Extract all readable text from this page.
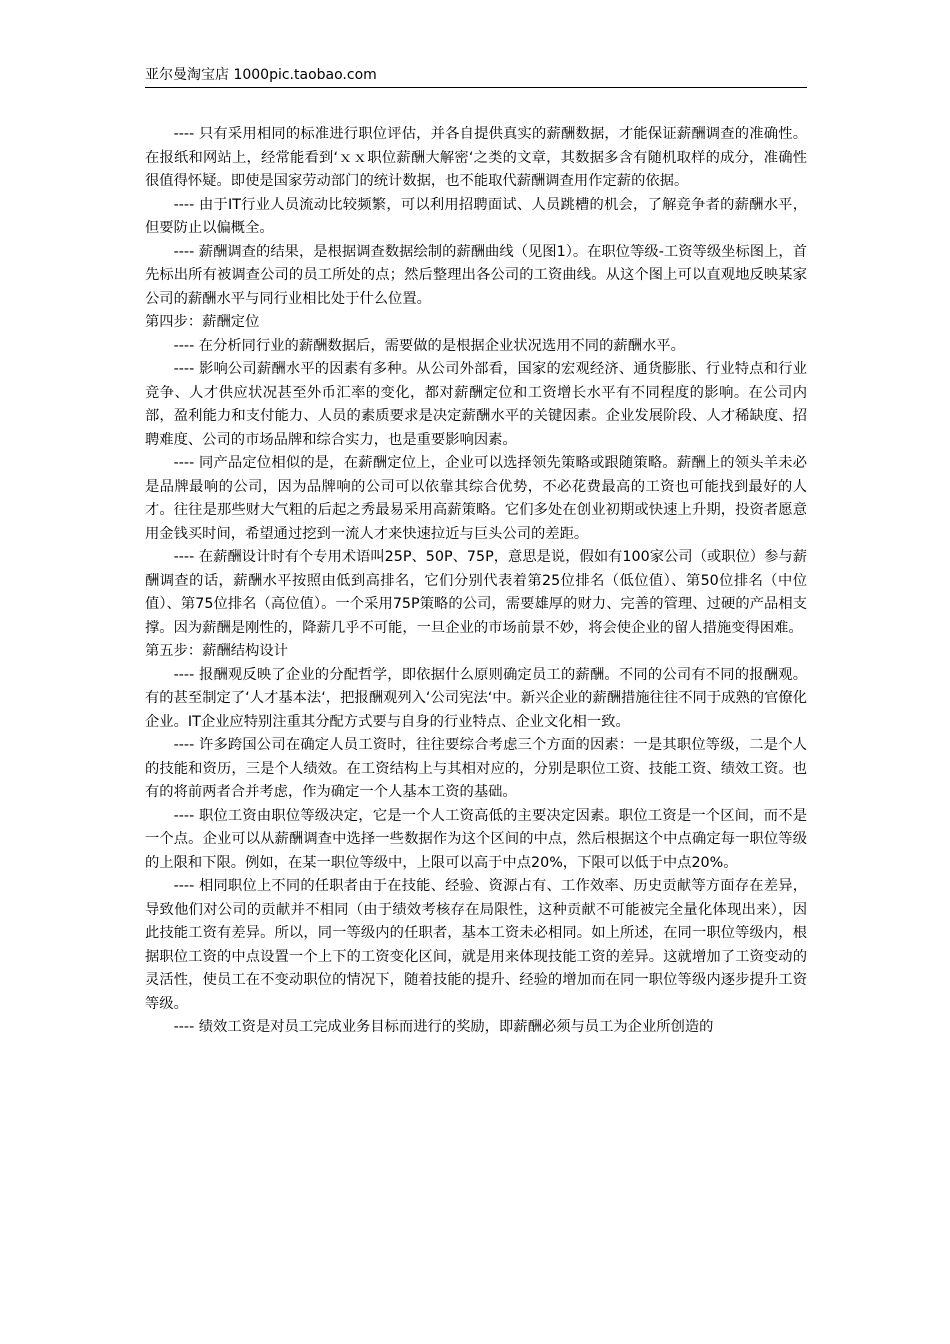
亚尔曼淘宝店 1000pic.taobao.com

---- 只有采用相同的标准进行职位评估，并各自提供真实的薪酬数据，才能保证薪酬调查的准确性。在报纸和网站上，经常能看到‘ｘｘ职位薪酬大解密‘之类的文章，其数据多含有随机取样的成分，准确性很值得怀疑。即使是国家劳动部门的统计数据，也不能取代薪酬调查用作定薪的依据。

---- 由于IT行业人员流动比较频繁，可以利用招聘面试、人员跳槽的机会，了解竞争者的薪酬水平，但要防止以偏概全。

---- 薪酬调查的结果，是根据调查数据绘制的薪酬曲线（见图1）。在职位等级-工资等级坐标图上，首先标出所有被调查公司的员工所处的点；然后整理出各公司的工资曲线。从这个图上可以直观地反映某家公司的薪酬水平与同行业相比处于什么位置。

第四步：薪酬定位

---- 在分析同行业的薪酬数据后，需要做的是根据企业状况选用不同的薪酬水平。

---- 影响公司薪酬水平的因素有多种。从公司外部看，国家的宏观经济、通货膨胀、行业特点和行业竞争、人才供应状况甚至外币汇率的变化，都对薪酬定位和工资增长水平有不同程度的影响。在公司内部，盈利能力和支付能力、人员的素质要求是决定薪酬水平的关键因素。企业发展阶段、人才稀缺度、招聘难度、公司的市场品牌和综合实力，也是重要影响因素。

---- 同产品定位相似的是，在薪酬定位上，企业可以选择领先策略或跟随策略。薪酬上的领头羊未必是品牌最响的公司，因为品牌响的公司可以依靠其综合优势，不必花费最高的工资也可能找到最好的人才。往往是那些财大气粗的后起之秀最易采用高薪策略。它们多处在创业初期或快速上升期，投资者愿意用金钱买时间，希望通过挖到一流人才来快速拉近与巨头公司的差距。

---- 在薪酬设计时有个专用术语叫25P、50P、75P，意思是说，假如有100家公司（或职位）参与薪酬调查的话，薪酬水平按照由低到高排名，它们分别代表着第25位排名（低位值）、第50位排名（中位值）、第75位排名（高位值）。一个采用75P策略的公司，需要雄厚的财力、完善的管理、过硬的产品相支撑。因为薪酬是刚性的，降薪几乎不可能，一旦企业的市场前景不妙，将会使企业的留人措施变得困难。

第五步：薪酬结构设计

---- 报酬观反映了企业的分配哲学，即依据什么原则确定员工的薪酬。不同的公司有不同的报酬观。有的甚至制定了‘人才基本法‘，把报酬观列入‘公司宪法‘中。新兴企业的薪酬措施往往不同于成熟的官僚化企业。IT企业应特别注重其分配方式要与自身的行业特点、企业文化相一致。

---- 许多跨国公司在确定人员工资时，往往要综合考虑三个方面的因素：一是其职位等级，二是个人的技能和资历，三是个人绩效。在工资结构上与其相对应的，分别是职位工资、技能工资、绩效工资。也有的将前两者合并考虑，作为确定一个人基本工资的基础。

---- 职位工资由职位等级决定，它是一个人工资高低的主要决定因素。职位工资是一个区间，而不是一个点。企业可以从薪酬调查中选择一些数据作为这个区间的中点，然后根据这个中点确定每一职位等级的上限和下限。例如，在某一职位等级中，上限可以高于中点20%，下限可以低于中点20%。

---- 相同职位上不同的任职者由于在技能、经验、资源占有、工作效率、历史贡献等方面存在差异，导致他们对公司的贡献并不相同（由于绩效考核存在局限性，这种贡献不可能被完全量化体现出来），因此技能工资有差异。所以，同一等级内的任职者，基本工资未必相同。如上所述，在同一职位等级内，根据职位工资的中点设置一个上下的工资变化区间，就是用来体现技能工资的差异。这就增加了工资变动的灵活性，使员工在不变动职位的情况下，随着技能的提升、经验的增加而在同一职位等级内逐步提升工资等级。

---- 绩效工资是对员工完成业务目标而进行的奖励，即薪酬必须与员工为企业所创造的
